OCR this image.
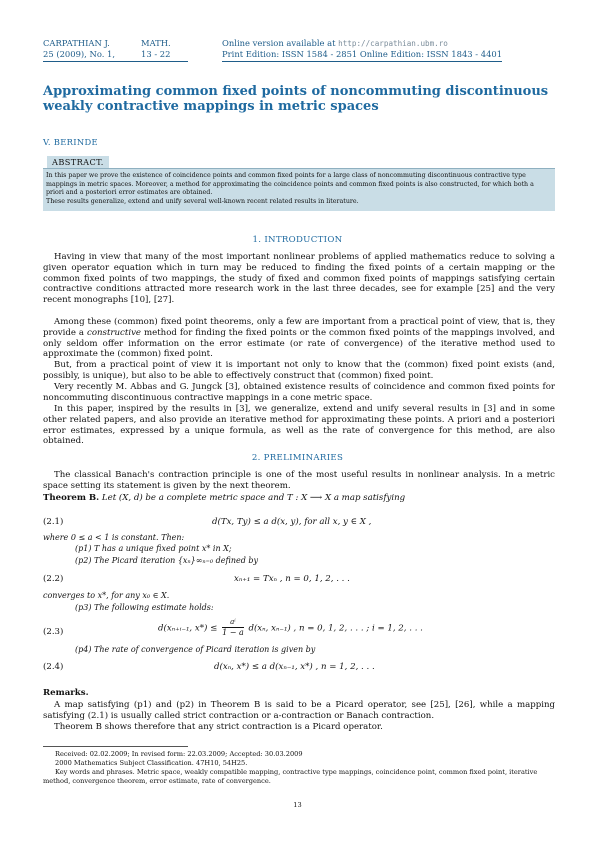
CARPATHIAN J.	MATH.
25 (2009), No. 1,	13 - 22
Online version available at http://carpathian.ubm.ro
Print Edition: ISSN 1584 - 2851 Online Edition: ISSN 1843 - 4401
Approximating common fixed points of noncommuting discontinuous weakly contractive mappings in metric spaces
V. BERINDE
ABSTRACT.
In this paper we prove the existence of coincidence points and common fixed points for a large class of noncommuting discontinuous contractive type mappings in metric spaces. Moreover, a method for approximating the coincidence points and common fixed points is also constructed, for which both a priori and a posteriori error estimates are obtained.
These results generalize, extend and unify several well-known recent related results in literature.
1. INTRODUCTION

Having in view that many of the most important nonlinear problems of applied mathematics reduce to solving a given operator equation which in turn may be reduced to finding the fixed points of a certain mapping or the common fixed points of two mappings, the study of fixed and common fixed points of mappings satisfying certain contractive conditions attracted more research work in the last three decades, see for example [25] and the very recent monographs [10], [27].

Among these (common) fixed point theorems, only a few are important from a practical point of view, that is, they provide a constructive method for finding the fixed points or the common fixed points of the mappings involved, and only seldom offer information on the error estimate (or rate of convergence) of the iterative method used to approximate the (common) fixed point.

But, from a practical point of view it is important not only to know that the (common) fixed point exists (and, possibly, is unique), but also to be able to effectively construct that (common) fixed point.

Very recently M. Abbas and G. Jungck [3], obtained existence results of coincidence and common fixed points for noncommuting discontinuous contractive mappings in a cone metric space.

In this paper, inspired by the results in [3], we generalize, extend and unify several results in [3] and in some other related papers, and also provide an iterative method for approximating these points. A priori and a posteriori error estimates, expressed by a unique formula, as well as the rate of convergence for this method, are also obtained.

2. PRELIMINARIES

The classical Banach's contraction principle is one of the most useful results in nonlinear analysis. In a metric space setting its statement is given by the next theorem.

Theorem B. Let (X, d) be a complete metric space and T : X ⟶ X a map satisfying

(2.1)	d(Tx, Ty) ≤ a d(x, y), for all x, y ∈ X ,
where 0 ≤ a < 1 is constant. Then:
(p1) T has a unique fixed point x* in X;
(p2) The Picard iteration {xₙ}∞ₙ₌₀ defined by
(2.2)	xₙ₊₁ = Txₙ , n = 0, 1, 2, . . .
converges to x*, for any x₀ ∈ X.
(p3) The following estimate holds:
(2.3)	d(xₙ₊ᵢ₋₁, $x*) \le \frac{\text{aⁱ}}{1 - a} d(x_n$, xₙ₋₁) , n = 0, 1, 2, . . . ; i = 1, 2, . . .
(p4) The rate of convergence of Picard iteration is given by
(2.4)	d(xₙ, x*) ≤ a d(xₙ₋₁, x*) , n = 1, 2, . . .
Remarks.

A map satisfying (p1) and (p2) in Theorem B is said to be a Picard operator, see [25], [26], while a mapping satisfying (2.1) is usually called strict contraction or a-contraction or Banach contraction.

Theorem B shows therefore that any strict contraction is a Picard operator.

Received: 02.02.2009; In revised form: 22.03.2009; Accepted: 30.03.2009
2000 Mathematics Subject Classification. 47H10, 54H25.
Key words and phrases. Metric space, weakly compatible mapping, contractive type mappings, coincidence point, common fixed point, iterative method, convergence theorem, error estimate, rate of convergence.
13
